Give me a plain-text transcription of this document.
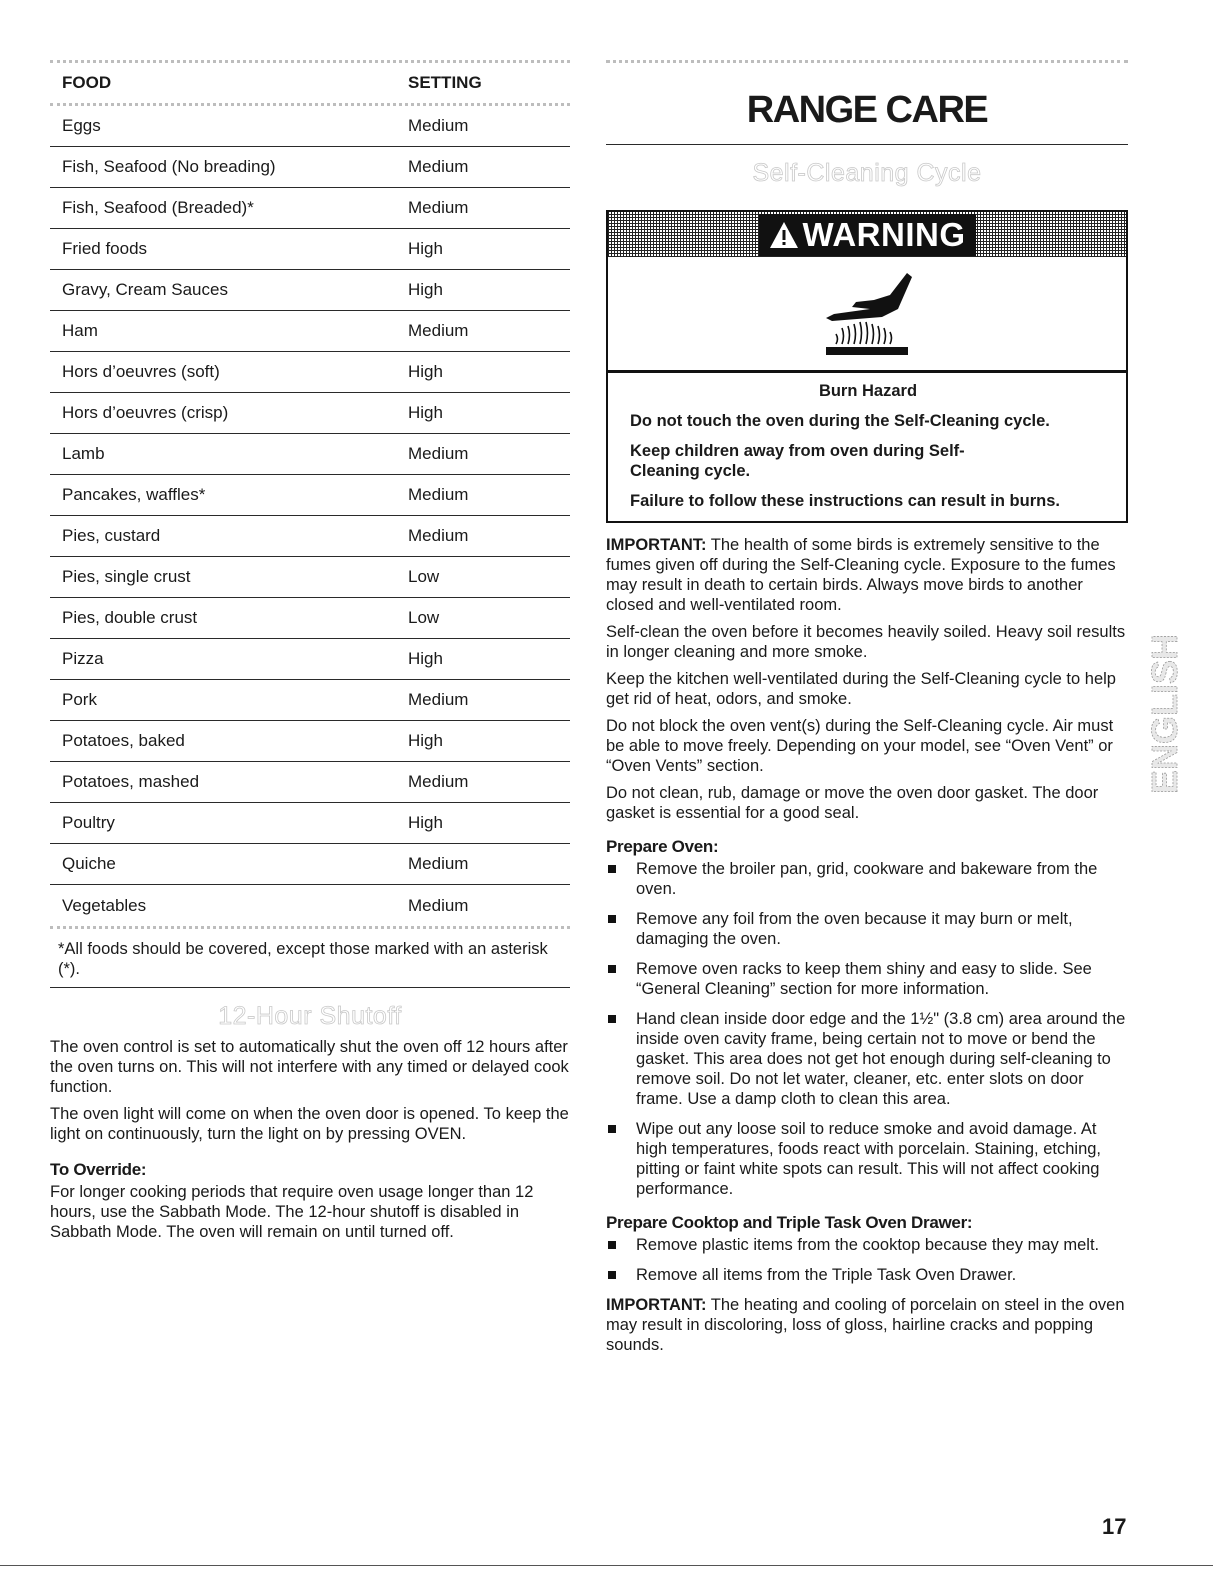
FOOD	SETTING
Eggs	Medium
Fish, Seafood (No breading)	Medium
Fish, Seafood (Breaded)*	Medium
Fried foods	High
Gravy, Cream Sauces	High
Ham	Medium
Hors d’oeuvres (soft)	High
Hors d’oeuvres (crisp)	High
Lamb	Medium
Pancakes, waffles*	Medium
Pies, custard	Medium
Pies, single crust	Low
Pies, double crust	Low
Pizza	High
Pork	Medium
Potatoes, baked	High
Potatoes, mashed	Medium
Poultry	High
Quiche	Medium
Vegetables	Medium
*All foods should be covered, except those marked with an asterisk (*).
12-Hour Shutoff

The oven control is set to automatically shut the oven off 12 hours after the oven turns on. This will not interfere with any timed or delayed cook function.

The oven light will come on when the oven door is opened. To keep the light on continuously, turn the light on by pressing OVEN.

To Override:

For longer cooking periods that require oven usage longer than 12 hours, use the Sabbath Mode. The 12-hour shutoff is disabled in Sabbath Mode. The oven will remain on until turned off.

RANGE CARE
Self-Cleaning Cycle
WARNING
Burn Hazard

Do not touch the oven during the Self-Cleaning cycle.

Keep children away from oven during Self-Cleaning cycle.

Failure to follow these instructions can result in burns.

IMPORTANT: The health of some birds is extremely sensitive to the fumes given off during the Self-Cleaning cycle. Exposure to the fumes may result in death to certain birds. Always move birds to another closed and well-ventilated room.

Self-clean the oven before it becomes heavily soiled. Heavy soil results in longer cleaning and more smoke.

Keep the kitchen well-ventilated during the Self-Cleaning cycle to help get rid of heat, odors, and smoke.

Do not block the oven vent(s) during the Self-Cleaning cycle. Air must be able to move freely. Depending on your model, see “Oven Vent” or “Oven Vents” section.

Do not clean, rub, damage or move the oven door gasket. The door gasket is essential for a good seal.

Prepare Oven:
Remove the broiler pan, grid, cookware and bakeware from the oven.
Remove any foil from the oven because it may burn or melt, damaging the oven.
Remove oven racks to keep them shiny and easy to slide. See “General Cleaning” section for more information.
Hand clean inside door edge and the 1½" (3.8 cm) area around the inside oven cavity frame, being certain not to move or bend the gasket. This area does not get hot enough during self-cleaning to remove soil. Do not let water, cleaner, etc. enter slots on door frame. Use a damp cloth to clean this area.
Wipe out any loose soil to reduce smoke and avoid damage. At high temperatures, foods react with porcelain. Staining, etching, pitting or faint white spots can result. This will not affect cooking performance.
Prepare Cooktop and Triple Task Oven Drawer:
Remove plastic items from the cooktop because they may melt.
Remove all items from the Triple Task Oven Drawer.

IMPORTANT: The heating and cooling of porcelain on steel in the oven may result in discoloring, loss of gloss, hairline cracks and popping sounds.

ENGLISH
17
